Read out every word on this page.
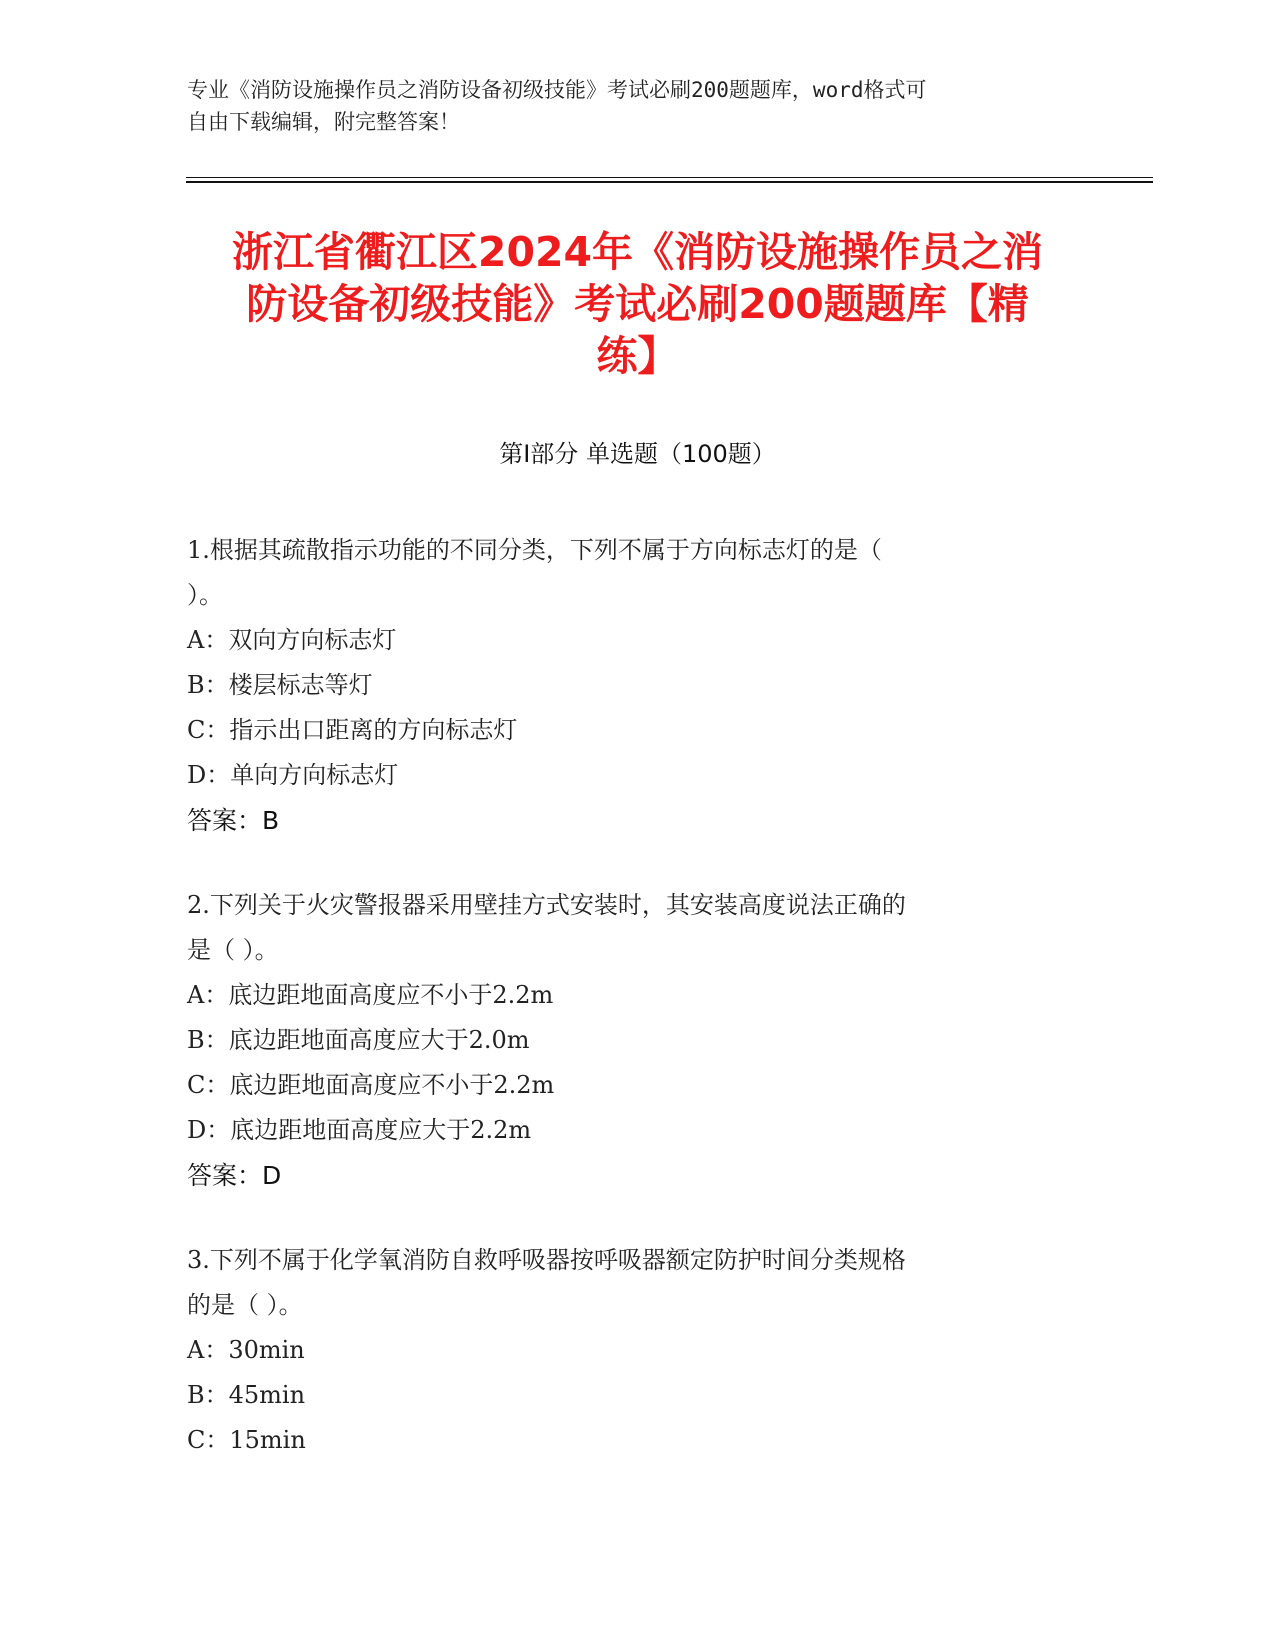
专业《消防设施操作员之消防设备初级技能》考试必刷200题题库，word格式可
自由下载编辑，附完整答案！
浙江省衢江区2024年《消防设施操作员之消
防设备初级技能》考试必刷200题题库【精
练】
第Ⅰ部分 单选题（100题）
1.根据其疏散指示功能的不同分类，下列不属于方向标志灯的是（
）。
A：双向方向标志灯
B：楼层标志等灯
C：指示出口距离的方向标志灯
D：单向方向标志灯
答案：B
2.下列关于火灾警报器采用壁挂方式安装时，其安装高度说法正确的
是（ ）。
A：底边距地面高度应不小于2.2m
B：底边距地面高度应大于2.0m
C：底边距地面高度应不小于2.2m
D：底边距地面高度应大于2.2m
答案：D
3.下列不属于化学氧消防自救呼吸器按呼吸器额定防护时间分类规格
的是（ ）。
A：30min
B：45min
C：15min
